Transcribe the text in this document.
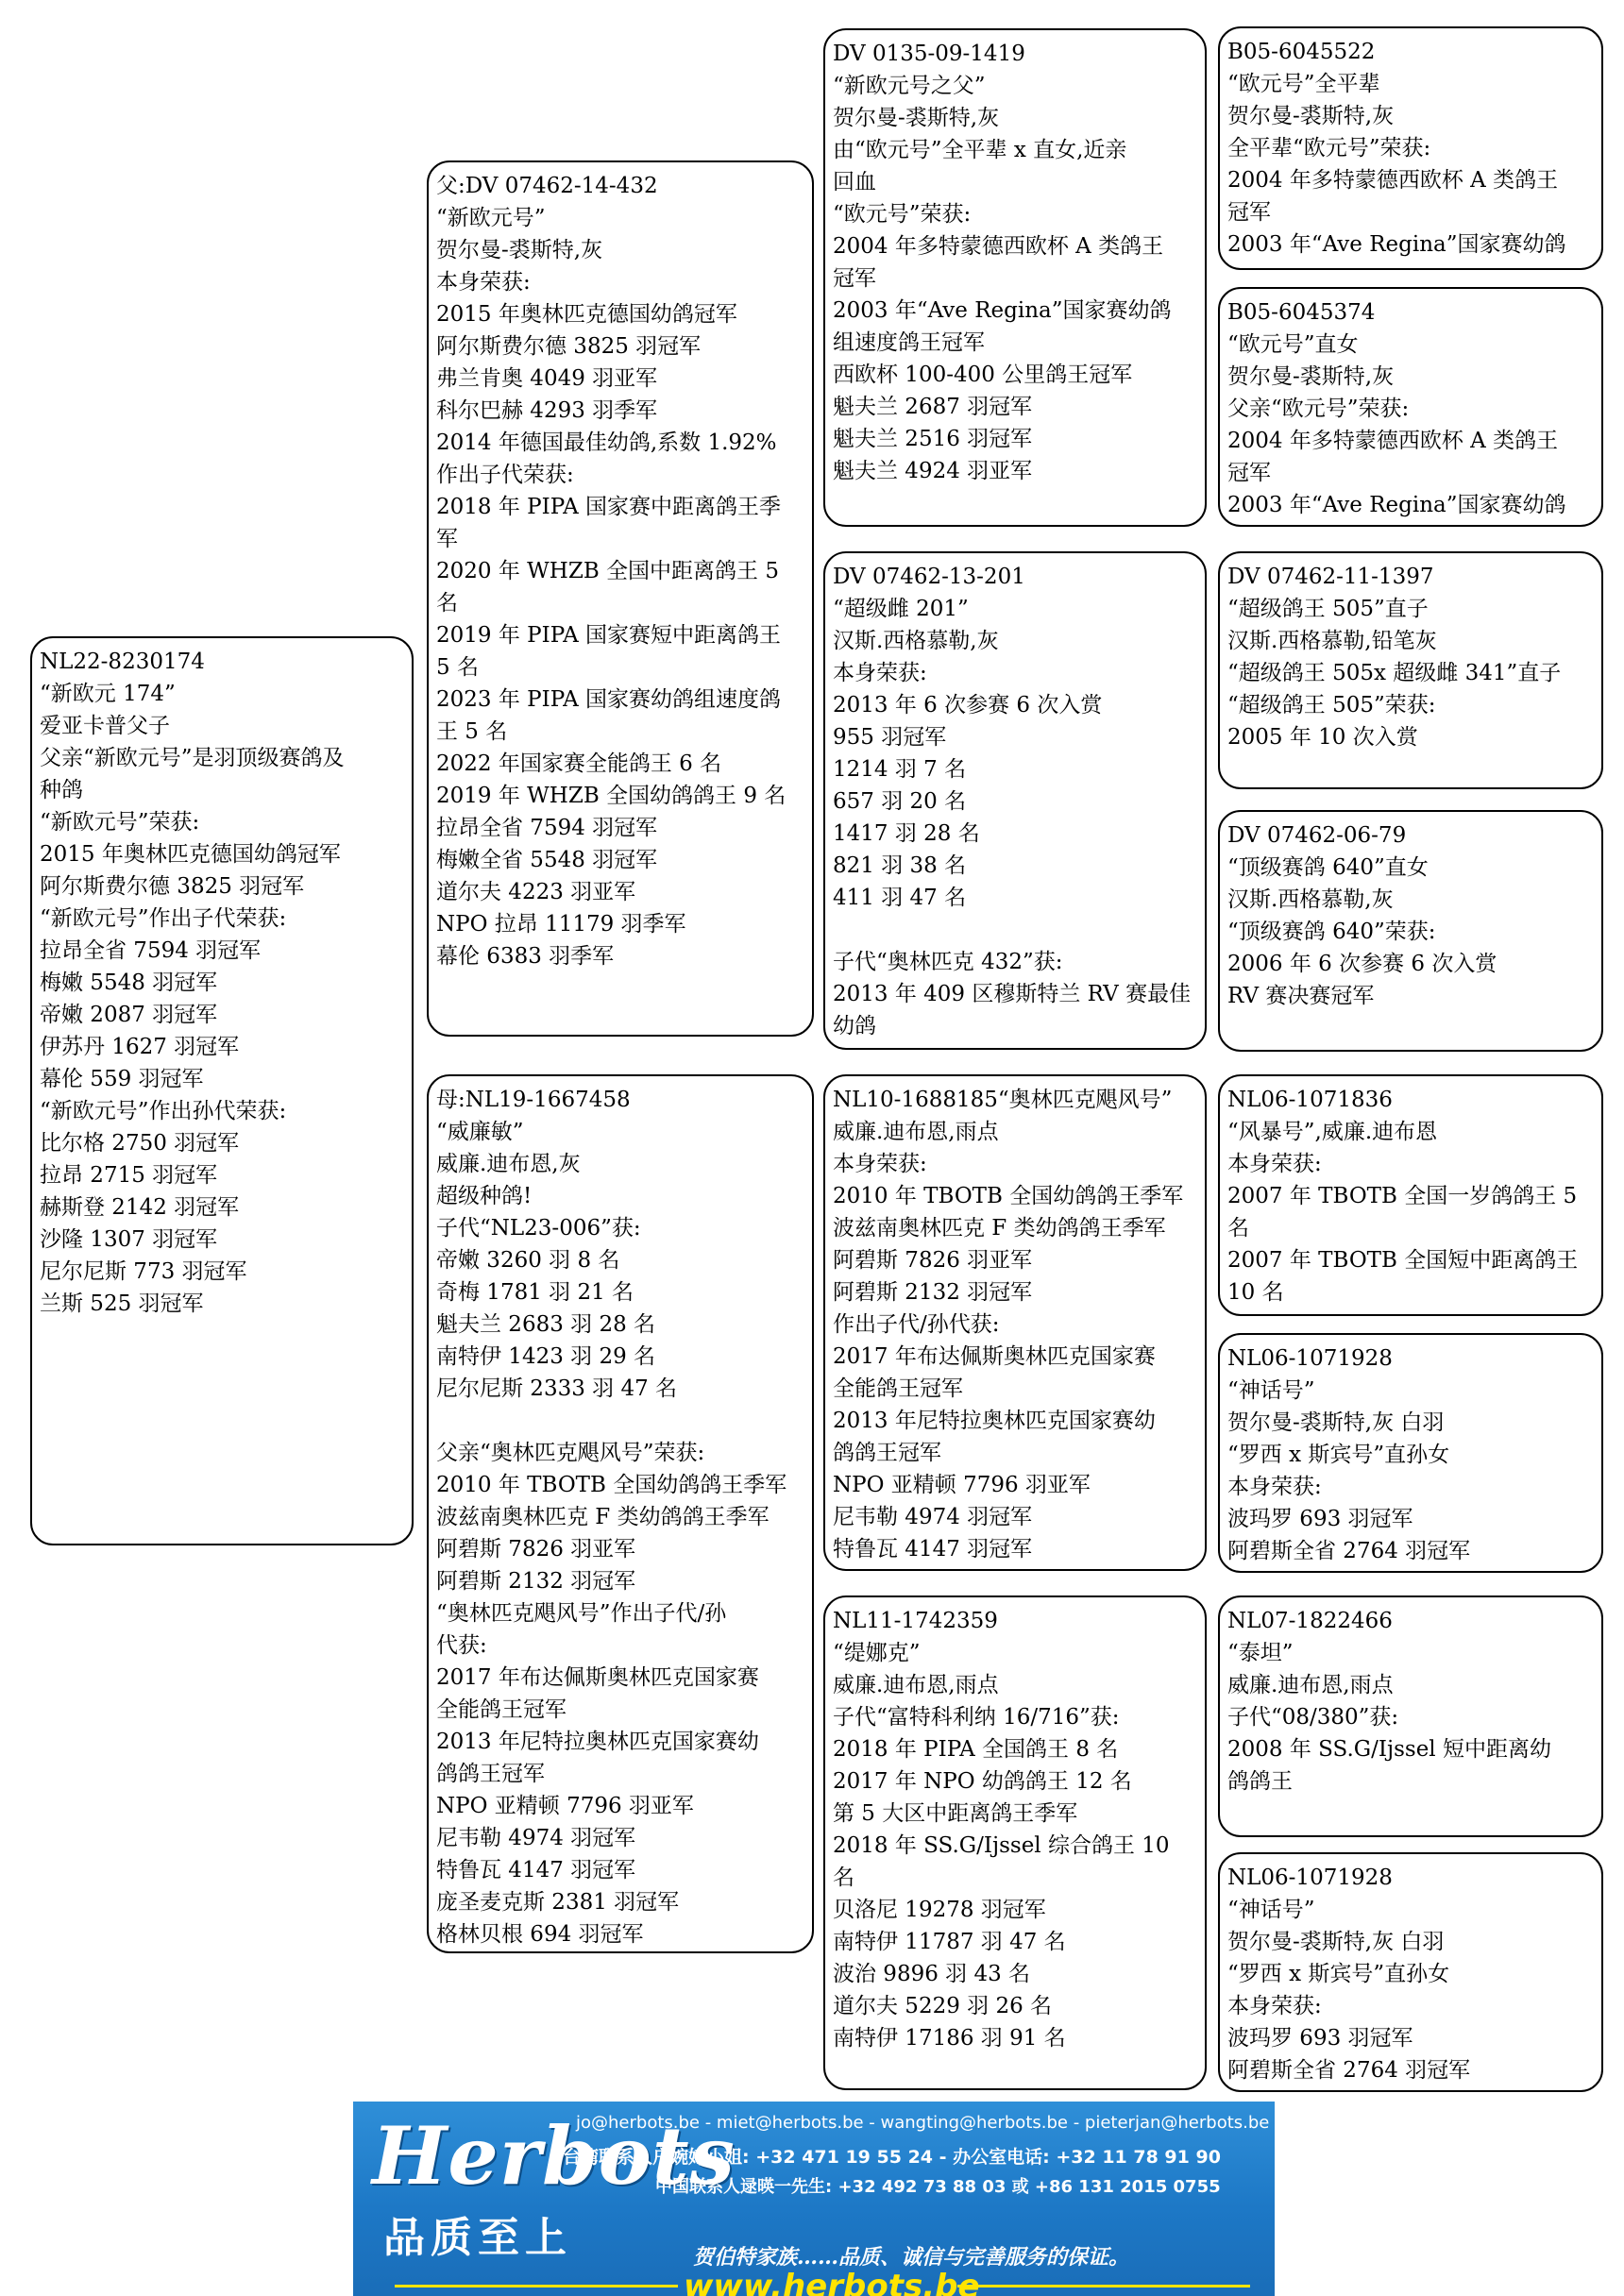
NL22-8230174
“新欧元 174”
爱亚卡普父子
父亲“新欧元号”是羽顶级赛鸽及
种鸽
“新欧元号”荣获:
2015 年奥林匹克德国幼鸽冠军
阿尔斯费尔德 3825 羽冠军
“新欧元号”作出子代荣获:
拉昂全省 7594 羽冠军
梅嫩 5548 羽冠军
帝嫩 2087 羽冠军
伊苏丹 1627 羽冠军
幕伦 559 羽冠军
“新欧元号”作出孙代荣获:
比尔格 2750 羽冠军
拉昂 2715 羽冠军
赫斯登 2142 羽冠军
沙隆 1307 羽冠军
尼尔尼斯 773 羽冠军
兰斯 525 羽冠军
父:DV 07462-14-432
“新欧元号”
贺尔曼-裘斯特,灰
本身荣获:
2015 年奥林匹克德国幼鸽冠军
阿尔斯费尔德 3825 羽冠军
弗兰肯奥 4049 羽亚军
科尔巴赫 4293 羽季军
2014 年德国最佳幼鸽,系数 1.92%
作出子代荣获:
2018 年 PIPA 国家赛中距离鸽王季
军
2020 年 WHZB 全国中距离鸽王 5 名
2019 年 PIPA 国家赛短中距离鸽王
5 名
2023 年 PIPA 国家赛幼鸽组速度鸽
王 5 名
2022 年国家赛全能鸽王 6 名
2019 年 WHZB 全国幼鸽鸽王 9 名
拉昂全省 7594 羽冠军
梅嫩全省 5548 羽冠军
道尔夫 4223 羽亚军
NPO 拉昂 11179 羽季军
幕伦 6383 羽季军
母:NL19-1667458
“威廉敏”
威廉.迪布恩,灰
超级种鸽!
子代“NL23-006”获:
帝嫩 3260 羽 8 名
奇梅 1781 羽 21 名
魁夫兰 2683 羽 28 名
南特伊 1423 羽 29 名
尼尔尼斯 2333 羽 47 名

父亲“奥林匹克飓风号”荣获:
2010 年 TBOTB 全国幼鸽鸽王季军
波兹南奥林匹克 F 类幼鸽鸽王季军
阿碧斯 7826 羽亚军
阿碧斯 2132 羽冠军
“奥林匹克飓风号”作出子代/孙
代获:
2017 年布达佩斯奥林匹克国家赛
全能鸽王冠军
2013 年尼特拉奥林匹克国家赛幼
鸽鸽王冠军
NPO 亚精顿 7796 羽亚军
尼韦勒 4974 羽冠军
特鲁瓦 4147 羽冠军
庞圣麦克斯 2381 羽冠军
格林贝根 694 羽冠军
DV 0135-09-1419
“新欧元号之父”
贺尔曼-裘斯特,灰
由“欧元号”全平辈 x 直女,近亲
回血
“欧元号”荣获:
2004 年多特蒙德西欧杯 A 类鸽王
冠军
2003 年“Ave Regina”国家赛幼鸽
组速度鸽王冠军
西欧杯 100-400 公里鸽王冠军
魁夫兰 2687 羽冠军
魁夫兰 2516 羽冠军
魁夫兰 4924 羽亚军
DV 07462-13-201
“超级雌 201”
汉斯.西格慕勒,灰
本身荣获:
2013 年 6 次参赛 6 次入赏
955 羽冠军
1214 羽 7 名
657 羽 20 名
1417 羽 28 名
821 羽 38 名
411 羽 47 名

子代“奥林匹克 432”获:
2013 年 409 区穆斯特兰 RV 赛最佳
幼鸽
NL10-1688185“奥林匹克飓风号”
威廉.迪布恩,雨点
本身荣获:
2010 年 TBOTB 全国幼鸽鸽王季军
波兹南奥林匹克 F 类幼鸽鸽王季军
阿碧斯 7826 羽亚军
阿碧斯 2132 羽冠军
作出子代/孙代获:
2017 年布达佩斯奥林匹克国家赛
全能鸽王冠军
2013 年尼特拉奥林匹克国家赛幼
鸽鸽王冠军
NPO 亚精顿 7796 羽亚军
尼韦勒 4974 羽冠军
特鲁瓦 4147 羽冠军
NL11-1742359
“缇娜克”
威廉.迪布恩,雨点
子代“富特科利纳 16/716”获:
2018 年 PIPA 全国鸽王 8 名
2017 年 NPO 幼鸽鸽王 12 名
第 5 大区中距离鸽王季军
2018 年 SS.G/Ijssel 综合鸽王 10
名
贝洛尼 19278 羽冠军
南特伊 11787 羽 47 名
波治 9896 羽 43 名
道尔夫 5229 羽 26 名
南特伊 17186 羽 91 名
B05-6045522
“欧元号”全平辈
贺尔曼-裘斯特,灰
全平辈“欧元号”荣获:
2004 年多特蒙德西欧杯 A 类鸽王
冠军
2003 年“Ave Regina”国家赛幼鸽
B05-6045374
“欧元号”直女
贺尔曼-裘斯特,灰
父亲“欧元号”荣获:
2004 年多特蒙德西欧杯 A 类鸽王
冠军
2003 年“Ave Regina”国家赛幼鸽
DV 07462-11-1397
“超级鸽王 505”直子
汉斯.西格慕勒,铅笔灰
“超级鸽王 505x 超级雌 341”直子
“超级鸽王 505”荣获:
2005 年 10 次入赏
DV 07462-06-79
“顶级赛鸽 640”直女
汉斯.西格慕勒,灰
“顶级赛鸽 640”荣获:
2006 年 6 次参赛 6 次入赏
RV 赛决赛冠军
NL06-1071836
“风暴号”,威廉.迪布恩
本身荣获:
2007 年 TBOTB 全国一岁鸽鸽王 5
名
2007 年 TBOTB 全国短中距离鸽王
10 名
NL06-1071928
“神话号”
贺尔曼-裘斯特,灰 白羽
“罗西 x 斯宾号”直孙女
本身荣获:
波玛罗 693 羽冠军
阿碧斯全省 2764 羽冠军
NL07-1822466
“泰坦”
威廉.迪布恩,雨点
子代“08/380”获:
2008 年 SS.G/Ijssel 短中距离幼
鸽鸽王
NL06-1071928
“神话号”
贺尔曼-裘斯特,灰 白羽
“罗西 x 斯宾号”直孙女
本身荣获:
波玛罗 693 羽冠军
阿碧斯全省 2764 羽冠军
Herbots
品质至上
jo@herbots.be - miet@herbots.be - wangting@herbots.be - pieterjan@herbots.be
台湾联系人户婉婷小姐: +32 471 19 55 24 - 办公室电话: +32 11 78 91 90
中国联系人逯暎一先生: +32 492 73 88 03 或 +86 131 2015 0755
贺伯特家族……品质、诚信与完善服务的保证。
www.herbots.be
